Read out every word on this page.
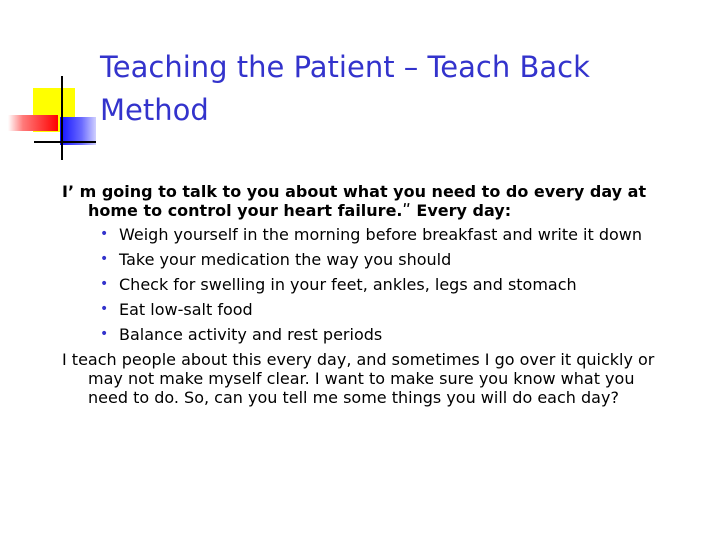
Teaching the Patient – Teach Back Method

Iʼ m going to talk to you about what you need to do every day at home to control your heart failure.ʺ Every day:

• Weigh yourself in the morning before breakfast and write it down
• Take your medication the way you should
• Check for swelling in your feet, ankles, legs and stomach
• Eat low-salt food
• Balance activity and rest periods

I teach people about this every day, and sometimes I go over it quickly or may not make myself clear. I want to make sure you know what you need to do. So, can you tell me some things you will do each day?
